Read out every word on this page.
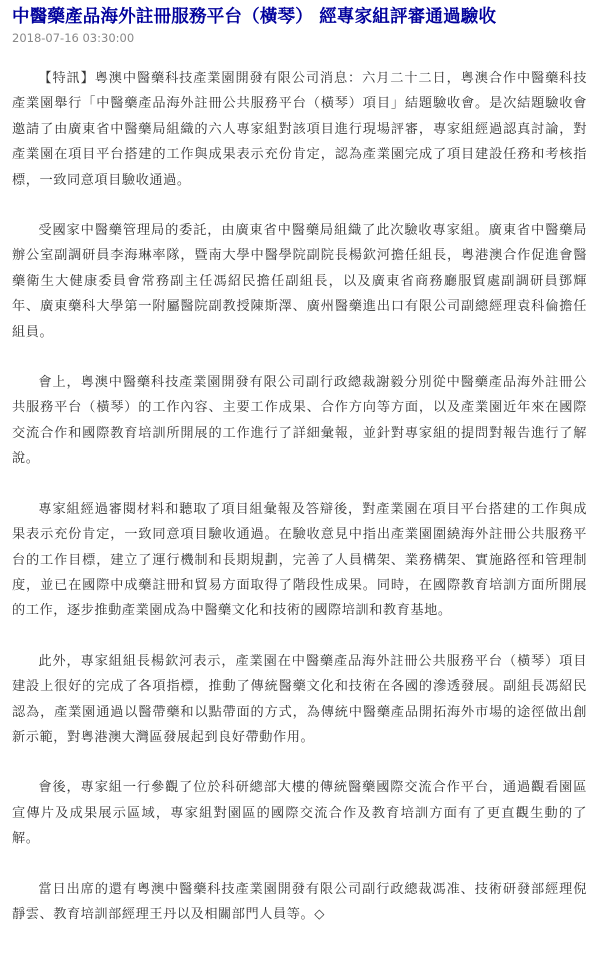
中醫藥產品海外註冊服務平台（橫琴） 經專家組評審通過驗收
2018-07-16 03:30:00

【特訊】粵澳中醫藥科技產業園開發有限公司消息：六月二十二日，粵澳合作中醫藥科技產業園舉行「中醫藥產品海外註冊公共服務平台（橫琴）項目」結題驗收會。是次結題驗收會邀請了由廣東省中醫藥局組織的六人專家組對該項目進行現場評審，專家組經過認真討論，對產業園在項目平台搭建的工作與成果表示充份肯定，認為產業園完成了項目建設任務和考核指標，一致同意項目驗收通過。

受國家中醫藥管理局的委託，由廣東省中醫藥局組織了此次驗收專家組。廣東省中醫藥局辦公室副調研員李海琳率隊，暨南大學中醫學院副院長楊欽河擔任組長，粵港澳合作促進會醫藥衛生大健康委員會常務副主任馮紹民擔任副組長，以及廣東省商務廳服貿處副調研員鄧輝年、廣東藥科大學第一附屬醫院副教授陳斯澤、廣州醫藥進出口有限公司副總經理袁科倫擔任組員。

會上，粵澳中醫藥科技產業園開發有限公司副行政總裁謝毅分別從中醫藥產品海外註冊公共服務平台（橫琴）的工作內容、主要工作成果、合作方向等方面，以及產業園近年來在國際交流合作和國際教育培訓所開展的工作進行了詳細彙報，並針對專家組的提問對報告進行了解說。

專家組經過審閱材料和聽取了項目組彙報及答辯後，對產業園在項目平台搭建的工作與成果表示充份肯定，一致同意項目驗收通過。在驗收意見中指出產業園圍繞海外註冊公共服務平台的工作目標，建立了運行機制和長期規劃，完善了人員構架、業務構架、實施路徑和管理制度，並已在國際中成藥註冊和貿易方面取得了階段性成果。同時，在國際教育培訓方面所開展的工作，逐步推動產業園成為中醫藥文化和技術的國際培訓和教育基地。

此外，專家組組長楊欽河表示，產業園在中醫藥產品海外註冊公共服務平台（橫琴）項目建設上很好的完成了各項指標，推動了傳統醫藥文化和技術在各國的滲透發展。副組長馮紹民認為，產業園通過以醫帶藥和以點帶面的方式，為傳統中醫藥產品開拓海外市場的途徑做出創新示範，對粵港澳大灣區發展起到良好帶動作用。

會後，專家組一行參觀了位於科研總部大樓的傳統醫藥國際交流合作平台，通過觀看園區宣傳片及成果展示區域，專家組對園區的國際交流合作及教育培訓方面有了更直觀生動的了解。

當日出席的還有粵澳中醫藥科技產業園開發有限公司副行政總裁馮准、技術研發部經理倪靜雲、教育培訓部經理王丹以及相關部門人員等。◇
